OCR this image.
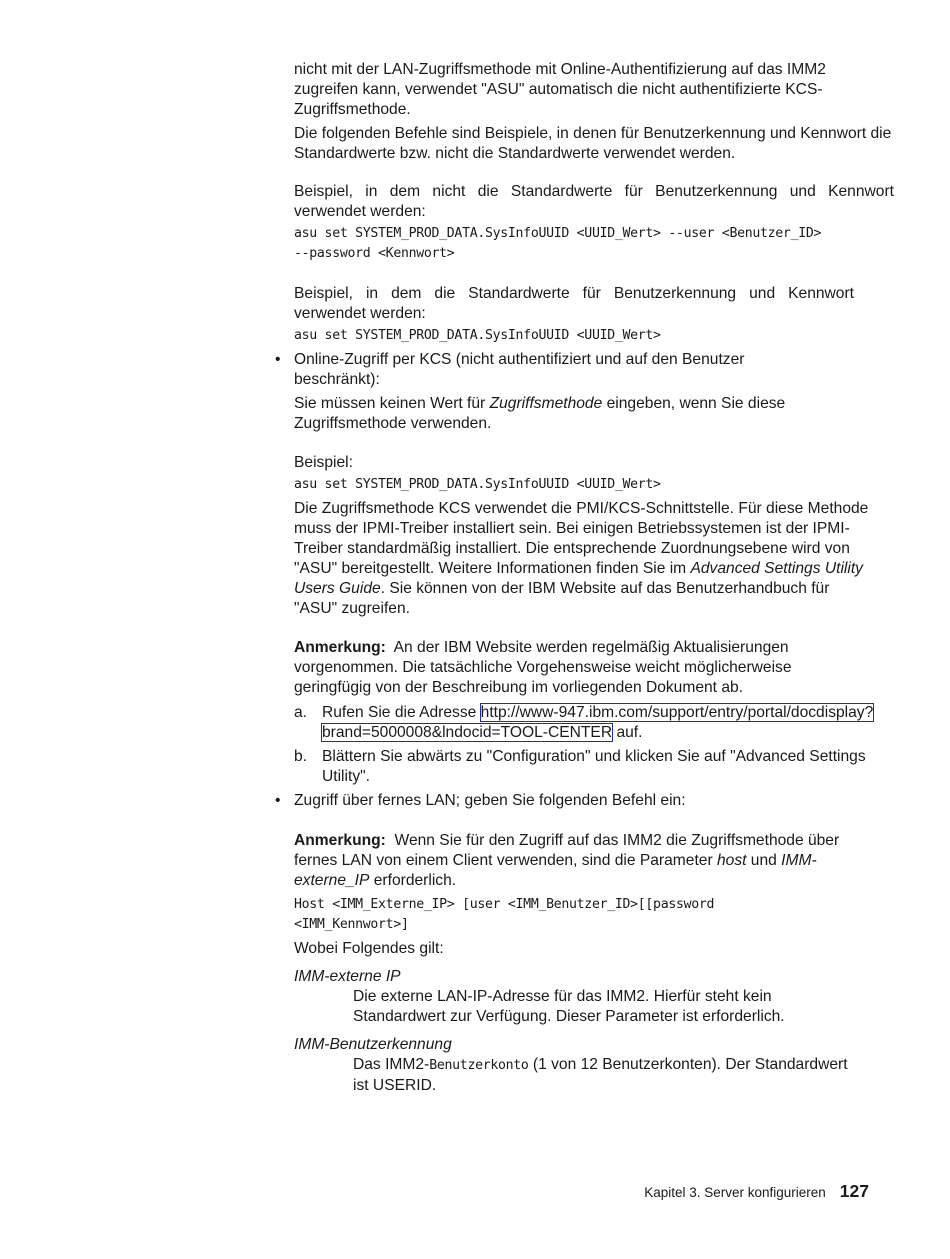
nicht mit der LAN-Zugriffsmethode mit Online-Authentifizierung auf das IMM2 zugreifen kann, verwendet "ASU" automatisch die nicht authentifizierte KCS-Zugriffsmethode.

Die folgenden Befehle sind Beispiele, in denen für Benutzerkennung und Kennwort die Standardwerte bzw. nicht die Standardwerte verwendet werden.

Beispiel, in dem nicht die Standardwerte für Benutzerkennung und Kennwort verwendet werden:

asu set SYSTEM_PROD_DATA.SysInfoUUID <UUID_Wert> --user <Benutzer_ID>
--password <Kennwort>

Beispiel, in dem die Standardwerte für Benutzerkennung und Kennwort verwendet werden:

asu set SYSTEM_PROD_DATA.SysInfoUUID <UUID_Wert>
• Online-Zugriff per KCS (nicht authentifiziert und auf den Benutzer beschränkt):

Sie müssen keinen Wert für Zugriffsmethode eingeben, wenn Sie diese Zugriffsmethode verwenden.

Beispiel:

asu set SYSTEM_PROD_DATA.SysInfoUUID <UUID_Wert>

Die Zugriffsmethode KCS verwendet die PMI/KCS-Schnittstelle. Für diese Methode muss der IPMI-Treiber installiert sein. Bei einigen Betriebssystemen ist der IPMI-Treiber standardmäßig installiert. Die entsprechende Zuordnungsebene wird von "ASU" bereitgestellt. Weitere Informationen finden Sie im Advanced Settings Utility Users Guide. Sie können von der IBM Website auf das Benutzerhandbuch für "ASU" zugreifen.

Anmerkung: An der IBM Website werden regelmäßig Aktualisierungen vorgenommen. Die tatsächliche Vorgehensweise weicht möglicherweise geringfügig von der Beschreibung im vorliegenden Dokument ab.

a. Rufen Sie die Adresse http://www-947.ibm.com/support/entry/portal/docdisplay?brand=5000008&lndocid=TOOL-CENTER auf.
b. Blättern Sie abwärts zu "Configuration" und klicken Sie auf "Advanced Settings Utility".
• Zugriff über fernes LAN; geben Sie folgenden Befehl ein:

Anmerkung: Wenn Sie für den Zugriff auf das IMM2 die Zugriffsmethode über fernes LAN von einem Client verwenden, sind die Parameter host und IMM-externe_IP erforderlich.

Host <IMM_Externe_IP> [user <IMM_Benutzer_ID>[[password
<IMM_Kennwort>]

Wobei Folgendes gilt:

IMM-externe IP
Die externe LAN-IP-Adresse für das IMM2. Hierfür steht kein Standardwert zur Verfügung. Dieser Parameter ist erforderlich.
IMM-Benutzerkennung
Das IMM2-Benutzerkonto (1 von 12 Benutzerkonten). Der Standardwert ist USERID.
Kapitel 3. Server konfigurieren 127
